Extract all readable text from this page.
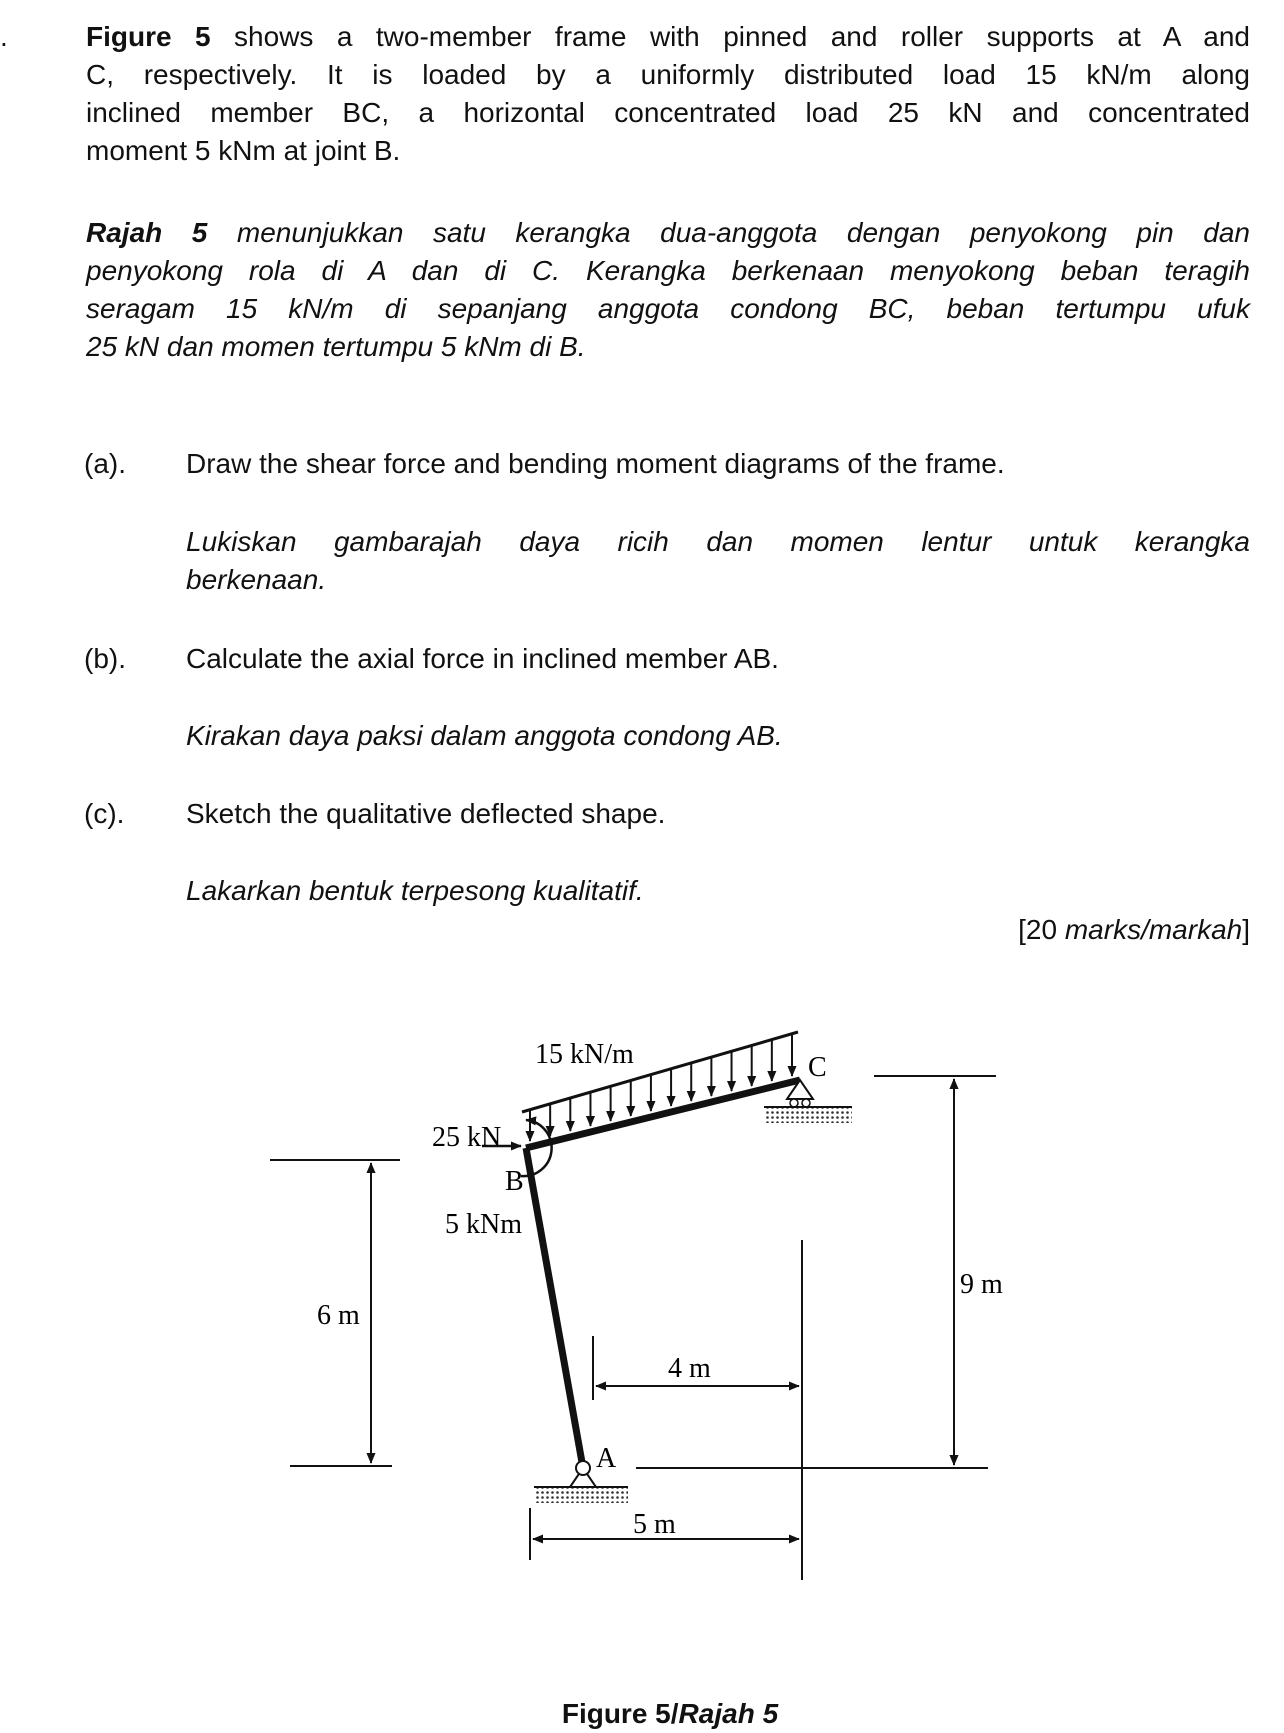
.	Figure 5 shows a two-member frame with pinned and roller supports at A and
C, respectively. It is loaded by a uniformly distributed load 15 kN/m along
inclined member BC, a horizontal concentrated load 25 kN and concentrated
moment 5 kNm at joint B.
Rajah 5 menunjukkan satu kerangka dua-anggota dengan penyokong pin dan
penyokong rola di A dan di C. Kerangka berkenaan menyokong beban teragih
seragam 15 kN/m di sepanjang anggota condong BC, beban tertumpu ufuk
25 kN dan momen tertumpu 5 kNm di B.
(a). Draw the shear force and bending moment diagrams of the frame.
Lukiskan gambarajah daya ricih dan momen lentur untuk kerangka
berkenaan.
(b). Calculate the axial force in inclined member AB.
Kirakan daya paksi dalam anggota condong AB.
(c). Sketch the qualitative deflected shape.
Lakarkan bentuk terpesong kualitatif.
[20 marks/markah]
15 kN/m	C
25 kN
B
5 kNm
A
6 m
9 m
4 m
5 m
Figure 5/Rajah 5
